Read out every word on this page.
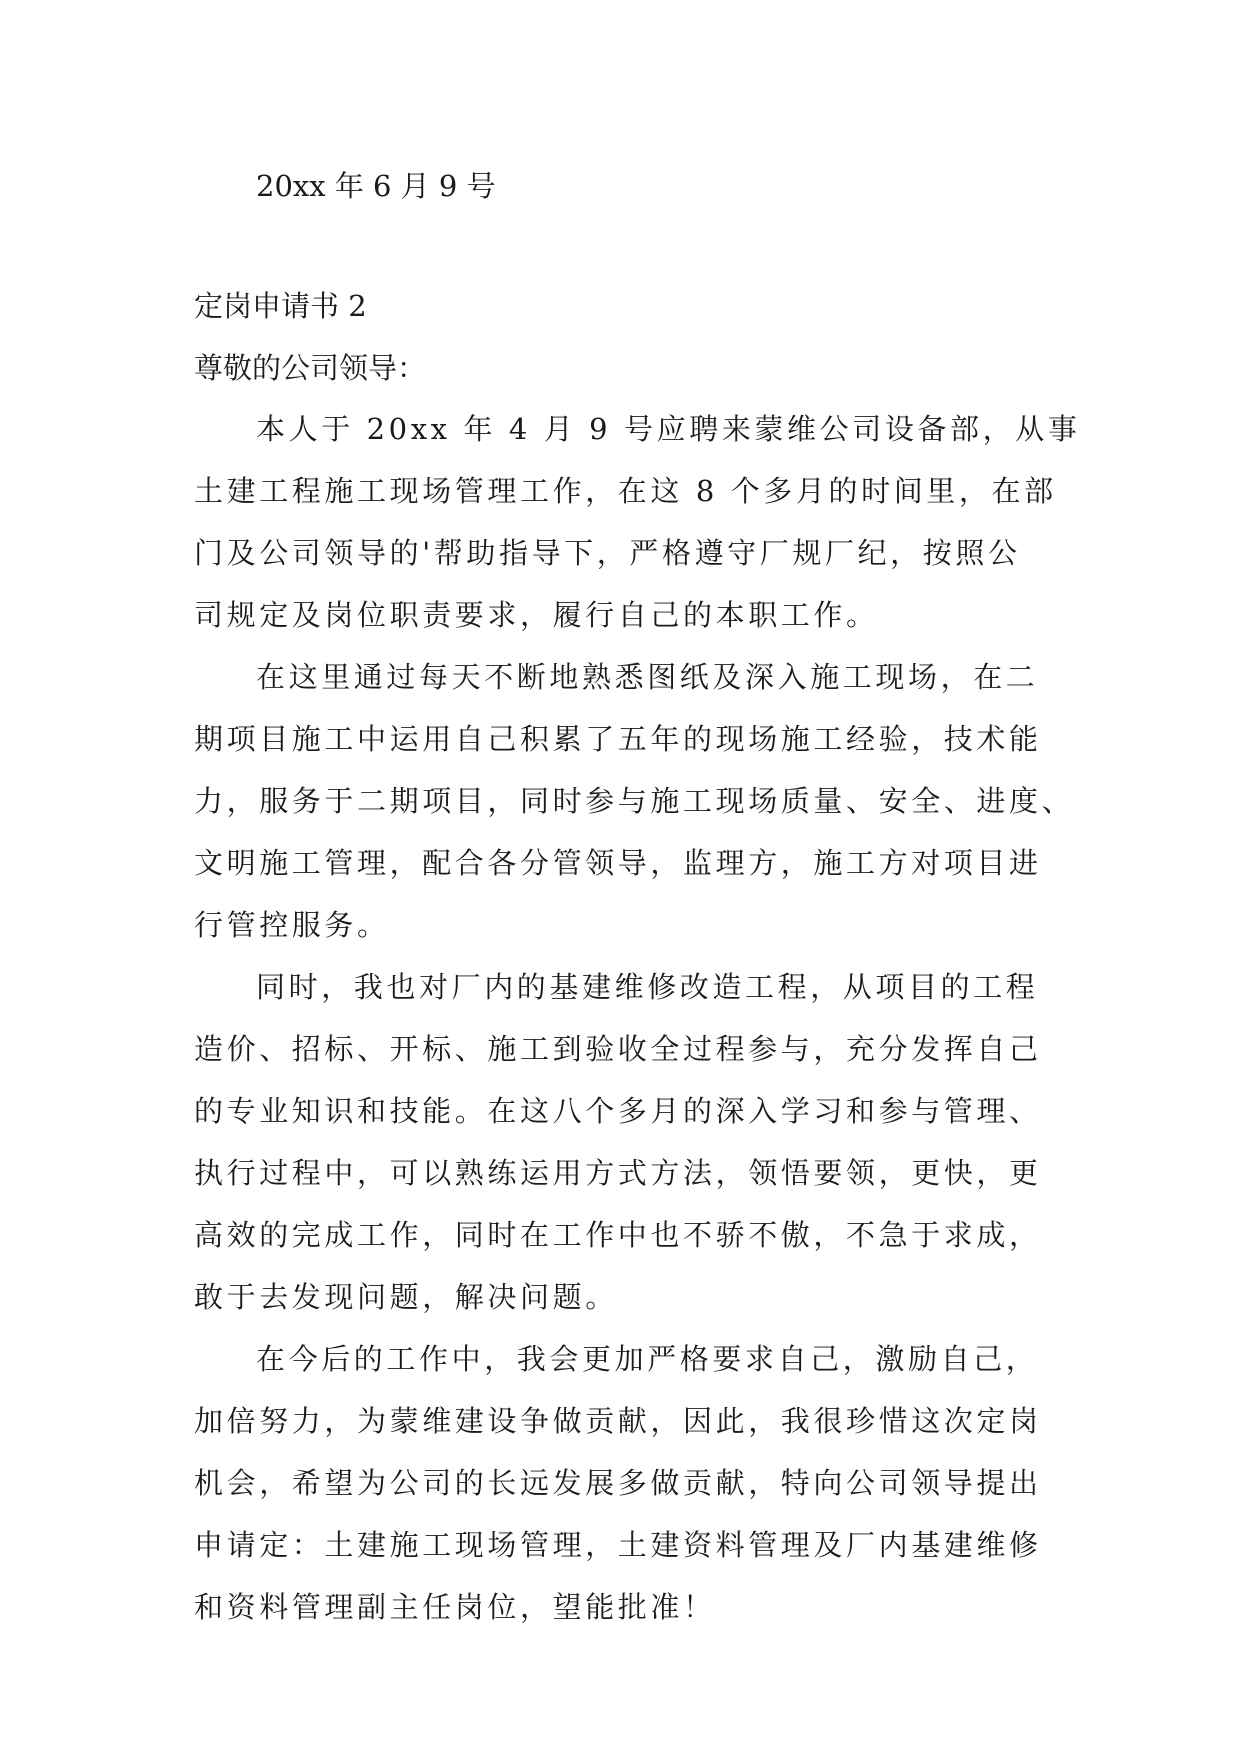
20xx 年 6 月 9 号
定岗申请书 2
尊敬的公司领导：
本人于 20xx 年 4 月 9 号应聘来蒙维公司设备部，从事
土建工程施工现场管理工作，在这 8 个多月的时间里，在部
门及公司领导的'帮助指导下，严格遵守厂规厂纪，按照公
司规定及岗位职责要求，履行自己的本职工作。
在这里通过每天不断地熟悉图纸及深入施工现场，在二
期项目施工中运用自己积累了五年的现场施工经验，技术能
力，服务于二期项目，同时参与施工现场质量、安全、进度、
文明施工管理，配合各分管领导，监理方，施工方对项目进
行管控服务。
同时，我也对厂内的基建维修改造工程，从项目的工程
造价、招标、开标、施工到验收全过程参与，充分发挥自己
的专业知识和技能。在这八个多月的深入学习和参与管理、
执行过程中，可以熟练运用方式方法，领悟要领，更快，更
高效的完成工作，同时在工作中也不骄不傲，不急于求成，
敢于去发现问题，解决问题。
在今后的工作中，我会更加严格要求自己，激励自己，
加倍努力，为蒙维建设争做贡献，因此，我很珍惜这次定岗
机会，希望为公司的长远发展多做贡献，特向公司领导提出
申请定：土建施工现场管理，土建资料管理及厂内基建维修
和资料管理副主任岗位，望能批准！
